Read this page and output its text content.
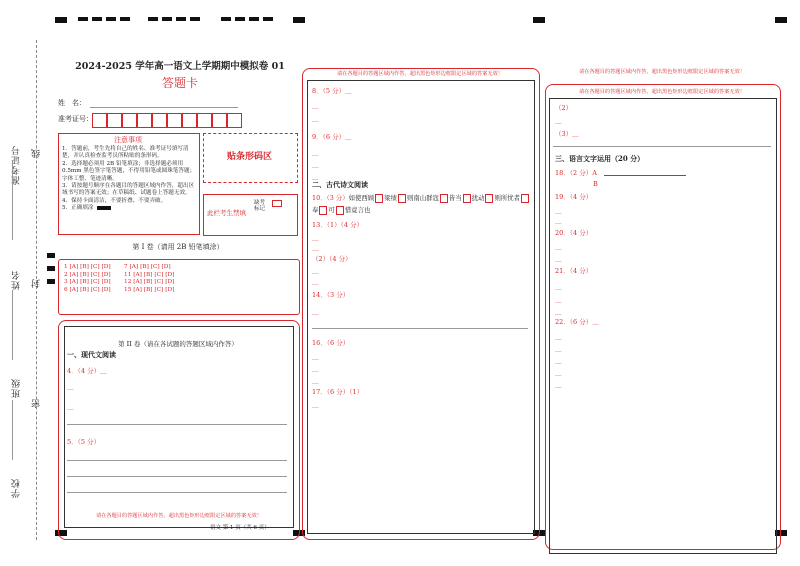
准考证号 线
姓名 封
班级
密
学校
2024-2025 学年高一语文上学期期中模拟卷 01
答题卡
姓　名：
准考证号：
注意事项
1．答题前，考生先将自己的姓名、准考证号填写清楚，并认真检查监考员所粘贴的条形码。
2．选择题必须用 2B 铅笔填涂；非选择题必须用 0.5mm 黑色签字笔答题，不得用铅笔或圆珠笔答题；字体工整、笔迹清晰。
3．请按题号顺序在各题目的答题区域内作答，超出区域书写的答案无效；在草稿纸、试题卷上答题无效。
4．保持卡面清洁，不要折叠、不要弄破。
5．正确填涂
贴条形码区
此栏考生禁填
缺考标记
第 I 卷（请用 2B 铅笔填涂）
1 [A] [B] [C] [D]
2 [A] [B] [C] [D]
3 [A] [B] [C] [D]
6 [A] [B] [C] [D]
7 [A] [B] [C] [D]
11 [A] [B] [C] [D]
12 [A] [B] [C] [D]
15 [A] [B] [C] [D]
第 II 卷（请在各试题的答题区域内作答）
一、现代文阅读
4．（4 分）＿
__
__
5．（5 分）
请在各题目的答题区域内作答，超出黑色矩形边框限定区域的答案无效！
语文 第 1 页（共 6 页）
请在各题目的答题区域内作答，超出黑色矩形边框限定区域的答案无效！
8．（5 分）＿
__
__
9．（6 分）＿
__
__
__
二、古代诗文阅读
10．（3 分）如使西顾 梁绩 则南山群寇 皆当 扰动 则所忧者奉 可 惜竟言也
13．（1）（4 分）
__
__
（2）（4 分）
__
__
14．（3 分）
__
16．（6 分）
__
__
__
17．（6 分）（1）
__
请在各题目的答题区域内作答，超出黑色矩形边框限定区域的答案无效！
请在各题目的答题区域内作答，超出黑色矩形边框限定区域的答案无效！
（2）
__
（3）＿
三、语言文字运用（20 分）
18．（2 分）A
B
19．（4 分）
__
__
20．（4 分）
__
__
21．（4 分）
__
__
__
22．（6 分）＿
__
__
__
__
__
